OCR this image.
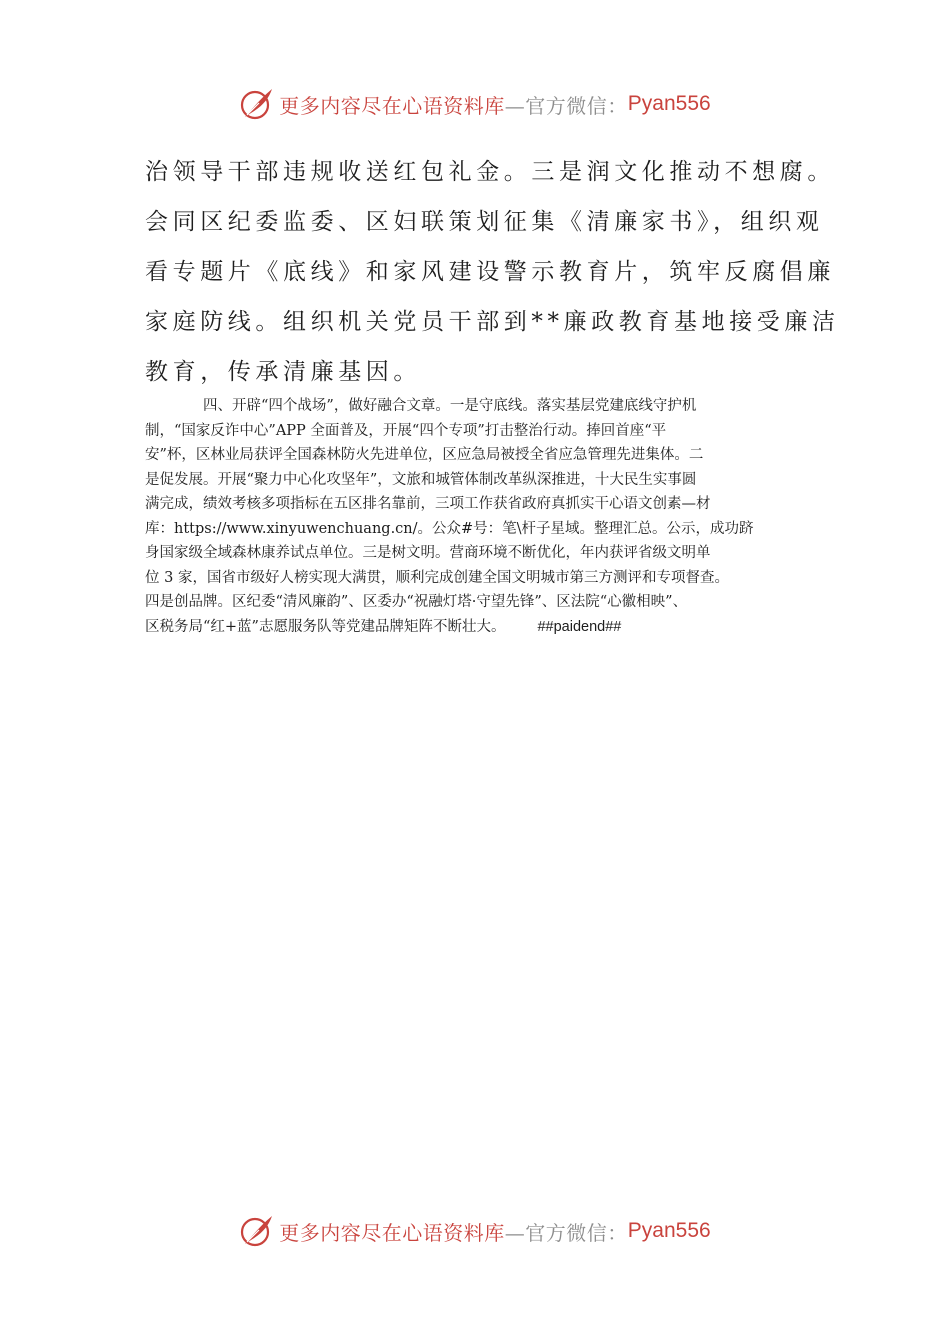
更多内容尽在心语资料库 —官方微信： Pyan556
治领导干部违规收送红包礼金。三是润文化推动不想腐。
会同区纪委监委、区妇联策划征集《清廉家书》，组织观
看专题片《底线》和家风建设警示教育片，筑牢反腐倡廉
家庭防线。组织机关党员干部到**廉政教育基地接受廉洁
教育，传承清廉基因。
四、开辟“四个战场”，做好融合文章。一是守底线。落实基层党建底线守护机
制，“国家反诈中心”APP 全面普及，开展“四个专项”打击整治行动。捧回首座“平
安”杯，区林业局获评全国森林防火先进单位，区应急局被授全省应急管理先进集体。二
是促发展。开展“聚力中心化攻坚年”，文旅和城管体制改革纵深推进，十大民生实事圆
满完成，绩效考核多项指标在五区排名靠前，三项工作获省政府真抓实干心语文创素—材
库：https://www.xinyuwenchuang.cn/。公众#号：笔\杆子星域。整理汇总。公示，成功跻
身国家级全域森林康养试点单位。三是树文明。营商环境不断优化，年内获评省级文明单
位 3 家，国省市级好人榜实现大满贯，顺利完成创建全国文明城市第三方测评和专项督查。
四是创品牌。区纪委“清风廉韵”、区委办“祝融灯塔·守望先锋”、区法院“心徽相映”、
区税务局“红+蓝”志愿服务队等党建品牌矩阵不断壮大。 ##paidend##
更多内容尽在心语资料库 —官方微信： Pyan556
